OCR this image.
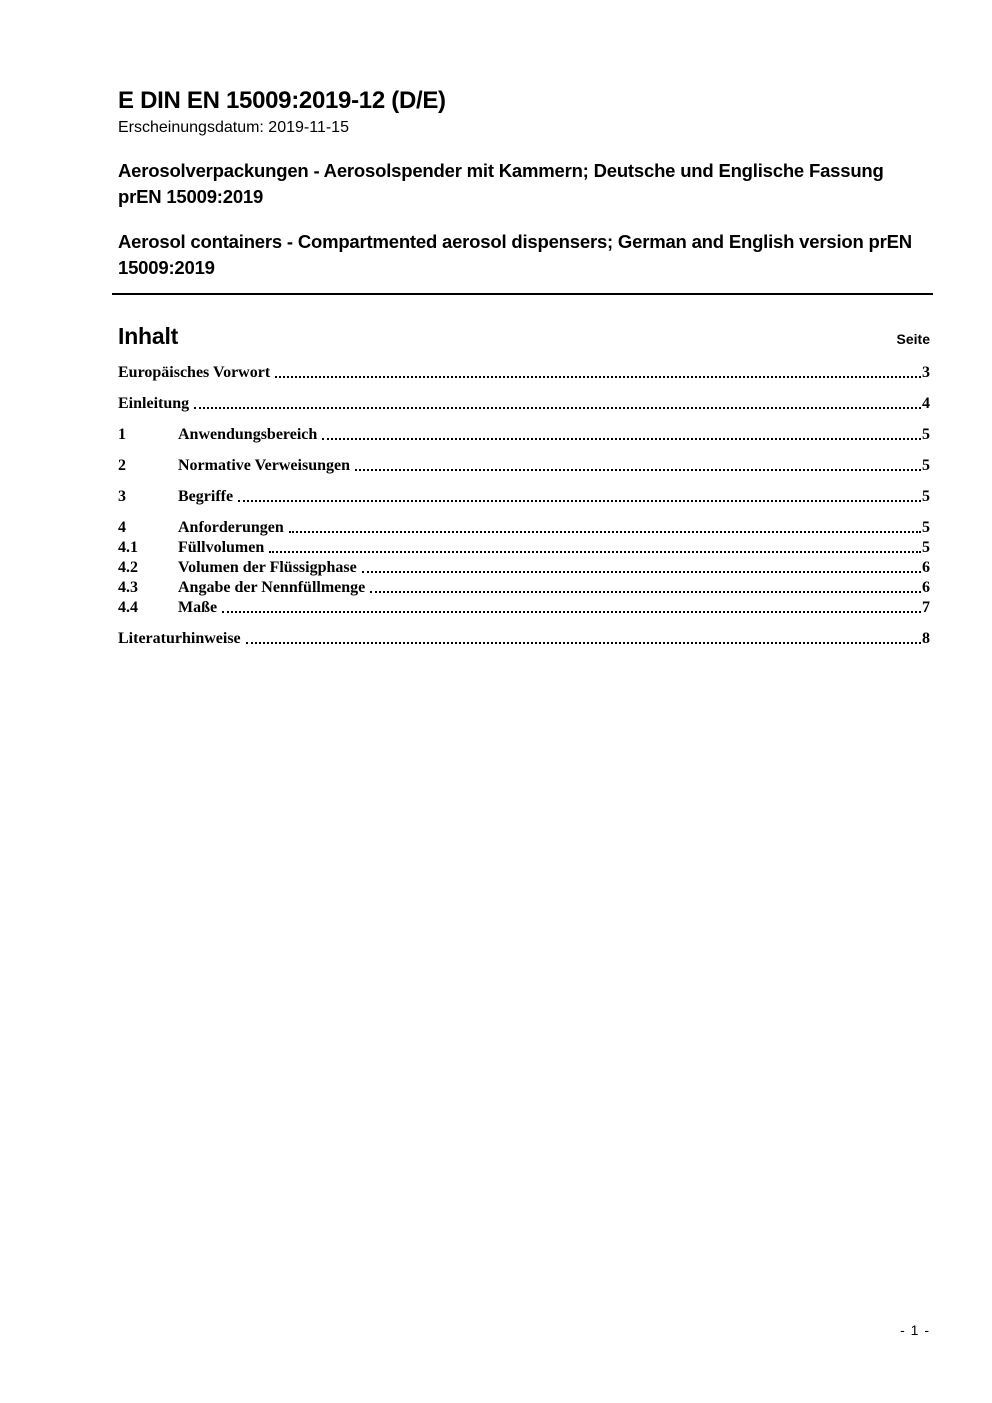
E DIN EN 15009:2019-12 (D/E)
Erscheinungsdatum: 2019-11-15
Aerosolverpackungen - Aerosolspender mit Kammern; Deutsche und Englische Fassung prEN 15009:2019
Aerosol containers - Compartmented aerosol dispensers; German and English version prEN 15009:2019
Inhalt	Seite
Europäisches Vorwort	3
Einleitung	4
1	Anwendungsbereich	5
2	Normative Verweisungen	5
3	Begriffe	5
4	Anforderungen	5
4.1	Füllvolumen	5
4.2	Volumen der Flüssigphase	6
4.3	Angabe der Nennfüllmenge	6
4.4	Maße	7
Literaturhinweise	8
- 1 -
